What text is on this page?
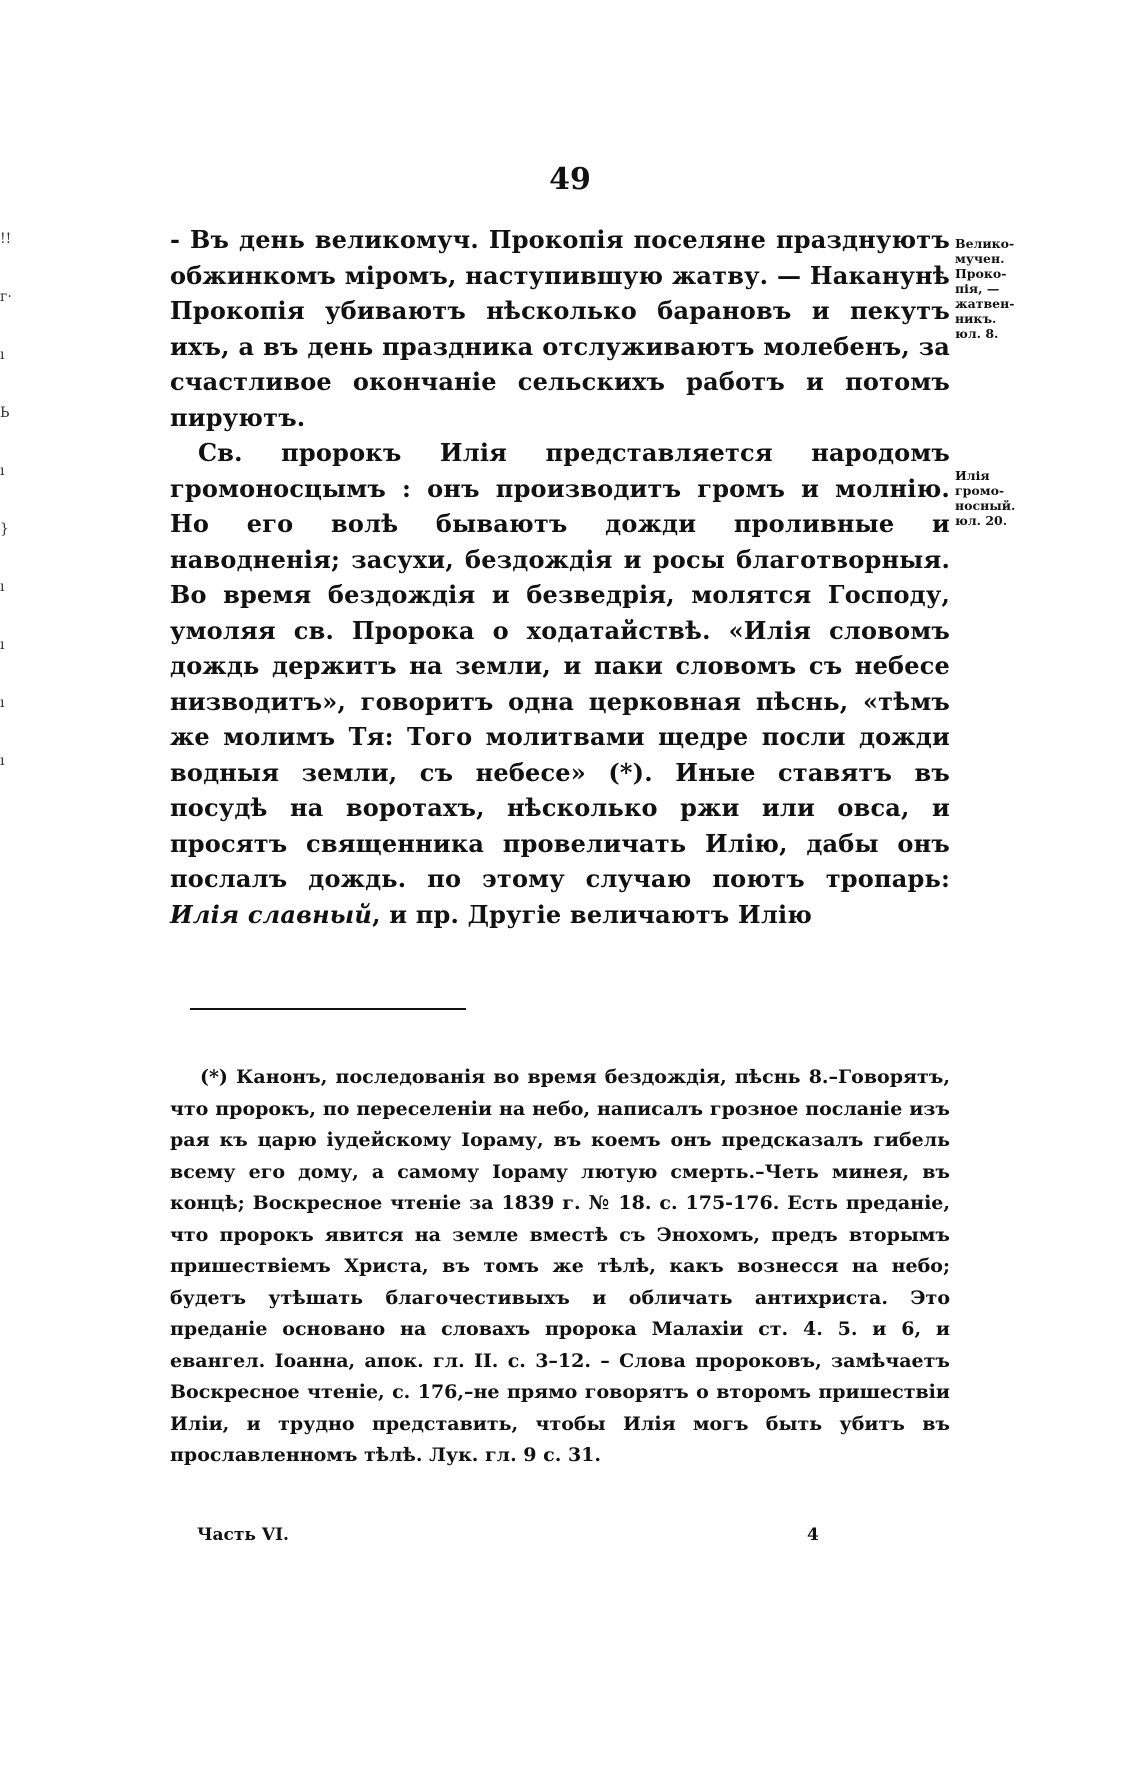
!!
г·
ı
Ь
ı
}
ı
ı
ı
ı
49

- Въ день великомуч. Прокопія поселяне празднуютъ обжинкомъ міромъ, наступившую жатву. — Наканунѣ Прокопія убиваютъ нѣсколько барановъ и пекутъ ихъ, а въ день праздника отслуживаютъ молебенъ, за счастливое окончаніе сельскихъ работъ и потомъ пируютъ.

Св. пророкъ Илія представляется народомъ громоносцымъ : онъ производитъ громъ и молнію. Но его волѣ бываютъ дожди проливные и наводненія; засухи, бездождія и росы благотворныя. Во время бездождія и безведрія, молятся Господу, умоляя св. Пророка о ходатайствѣ. «Илія словомъ дождь держитъ на земли, и паки словомъ съ небесе низводитъ», говоритъ одна церковная пѣснь, «тѣмъ же молимъ Тя: Того молитвами щедре посли дожди водныя земли, съ небесе» (*). Иные ставятъ въ посудѣ на воротахъ, нѣсколько ржи или овса, и просятъ священника провеличать Илію, дабы онъ послалъ дождь. по этому случаю поютъ тропарь: Илія славный, и пр. Другіе величаютъ Илію

Велико-
мучен.
Проко-
пія, —
жатвен-
никъ.
юл. 8.
Илія
громо-
носный.
юл. 20.
(*) Канонъ, последованія во время бездождія, пѣснь 8.–Говорятъ, что пророкъ, по переселеніи на небо, написалъ грозное посланіе изъ рая къ царю іудейскому Іораму, въ коемъ онъ предсказалъ гибель всему его дому, а самому Іораму лютую смерть.–Четь минея, въ концѣ; Воскресное чтеніе за 1839 г. № 18. с. 175-176. Есть преданіе, что пророкъ явится на земле вместѣ съ Энохомъ, предъ вторымъ пришествіемъ Христа, въ томъ же тѣлѣ, какъ вознесся на небо; будетъ утѣшать благочестивыхъ и обличать антихриста. Это преданіе основано на словахъ пророка Малахіи ст. 4. 5. и 6, и евангел. Іоанна, апок. гл. II. с. 3–12. – Слова пророковъ, замѣчаетъ Воскресное чтеніе, с. 176,–не прямо говорятъ о второмъ пришествіи Иліи, и трудно представить, чтобы Илія могъ быть убитъ въ прославленномъ тѣлѣ. Лук. гл. 9 с. 31.
Часть VI.	4
